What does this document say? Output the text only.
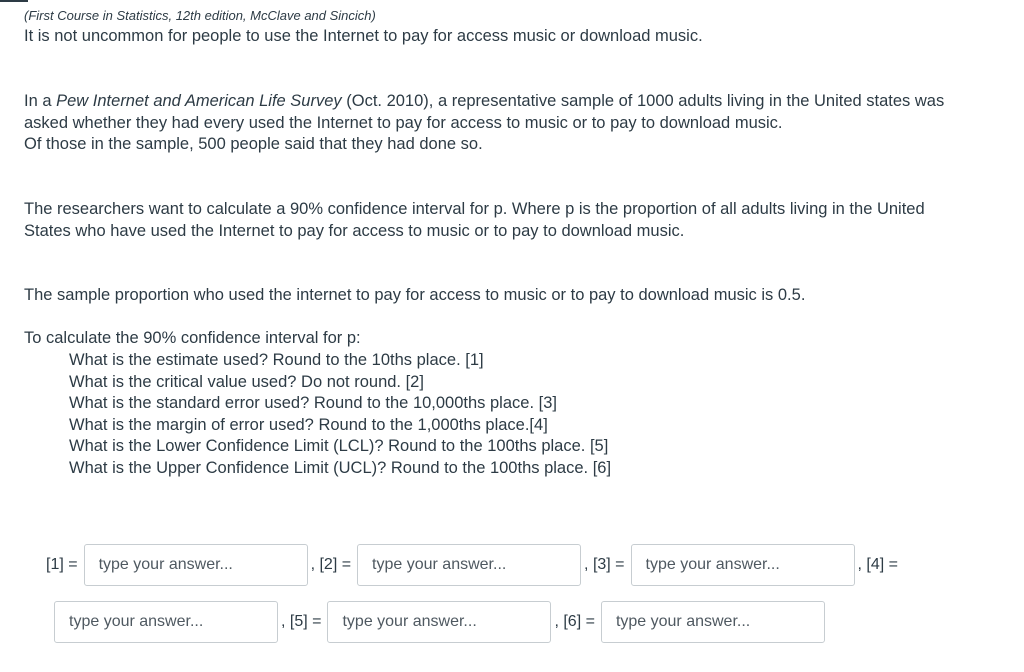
(First Course in Statistics, 12th edition, McClave and Sincich)

It is not uncommon for people to use the Internet to pay for access music or download music.

In a Pew Internet and American Life Survey (Oct. 2010), a representative sample of 1000 adults living in the United states was
asked whether they had every used the Internet to pay for access to music or to pay to download music.
Of those in the sample, 500 people said that they had done so.

The researchers want to calculate a 90% confidence interval for p. Where p is the proportion of all adults living in the United
States who have used the Internet to pay for access to music or to pay to download music.

The sample proportion who used the internet to pay for access to music or to pay to download music is 0.5.

To calculate the 90% confidence interval for p:

What is the estimate used? Round to the 10ths place. [1]
What is the critical value used? Do not round. [2]
What is the standard error used? Round to the 10,000ths place. [3]
What is the margin of error used? Round to the 1,000ths place.[4]
What is the Lower Confidence Limit (LCL)? Round to the 100ths place. [5]
What is the Upper Confidence Limit (UCL)? Round to the 100ths place. [6]
[1] =
type your answer...	, [2] =
type your answer...	, [3] =
type your answer...	, [4] =
type your answer...
, [5] =
type your answer...	, [6] =
type your answer...
